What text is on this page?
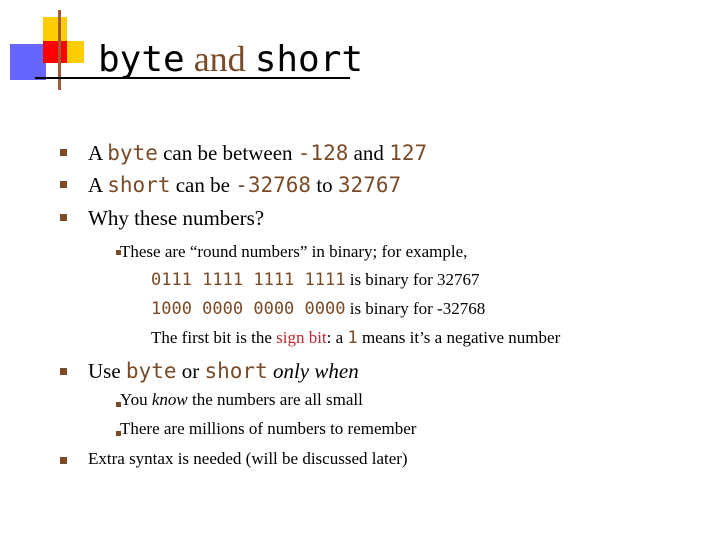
byte and short
A byte can be between -128 and 127
A short can be -32768 to 32767
Why these numbers?
These are “round numbers” in binary; for example,
0111 1111 1111 1111 is binary for 32767
1000 0000 0000 0000 is binary for -32768
The first bit is the sign bit: a 1 means it’s a negative number
Use byte or short only when
You know the numbers are all small
There are millions of numbers to remember
Extra syntax is needed (will be discussed later)
